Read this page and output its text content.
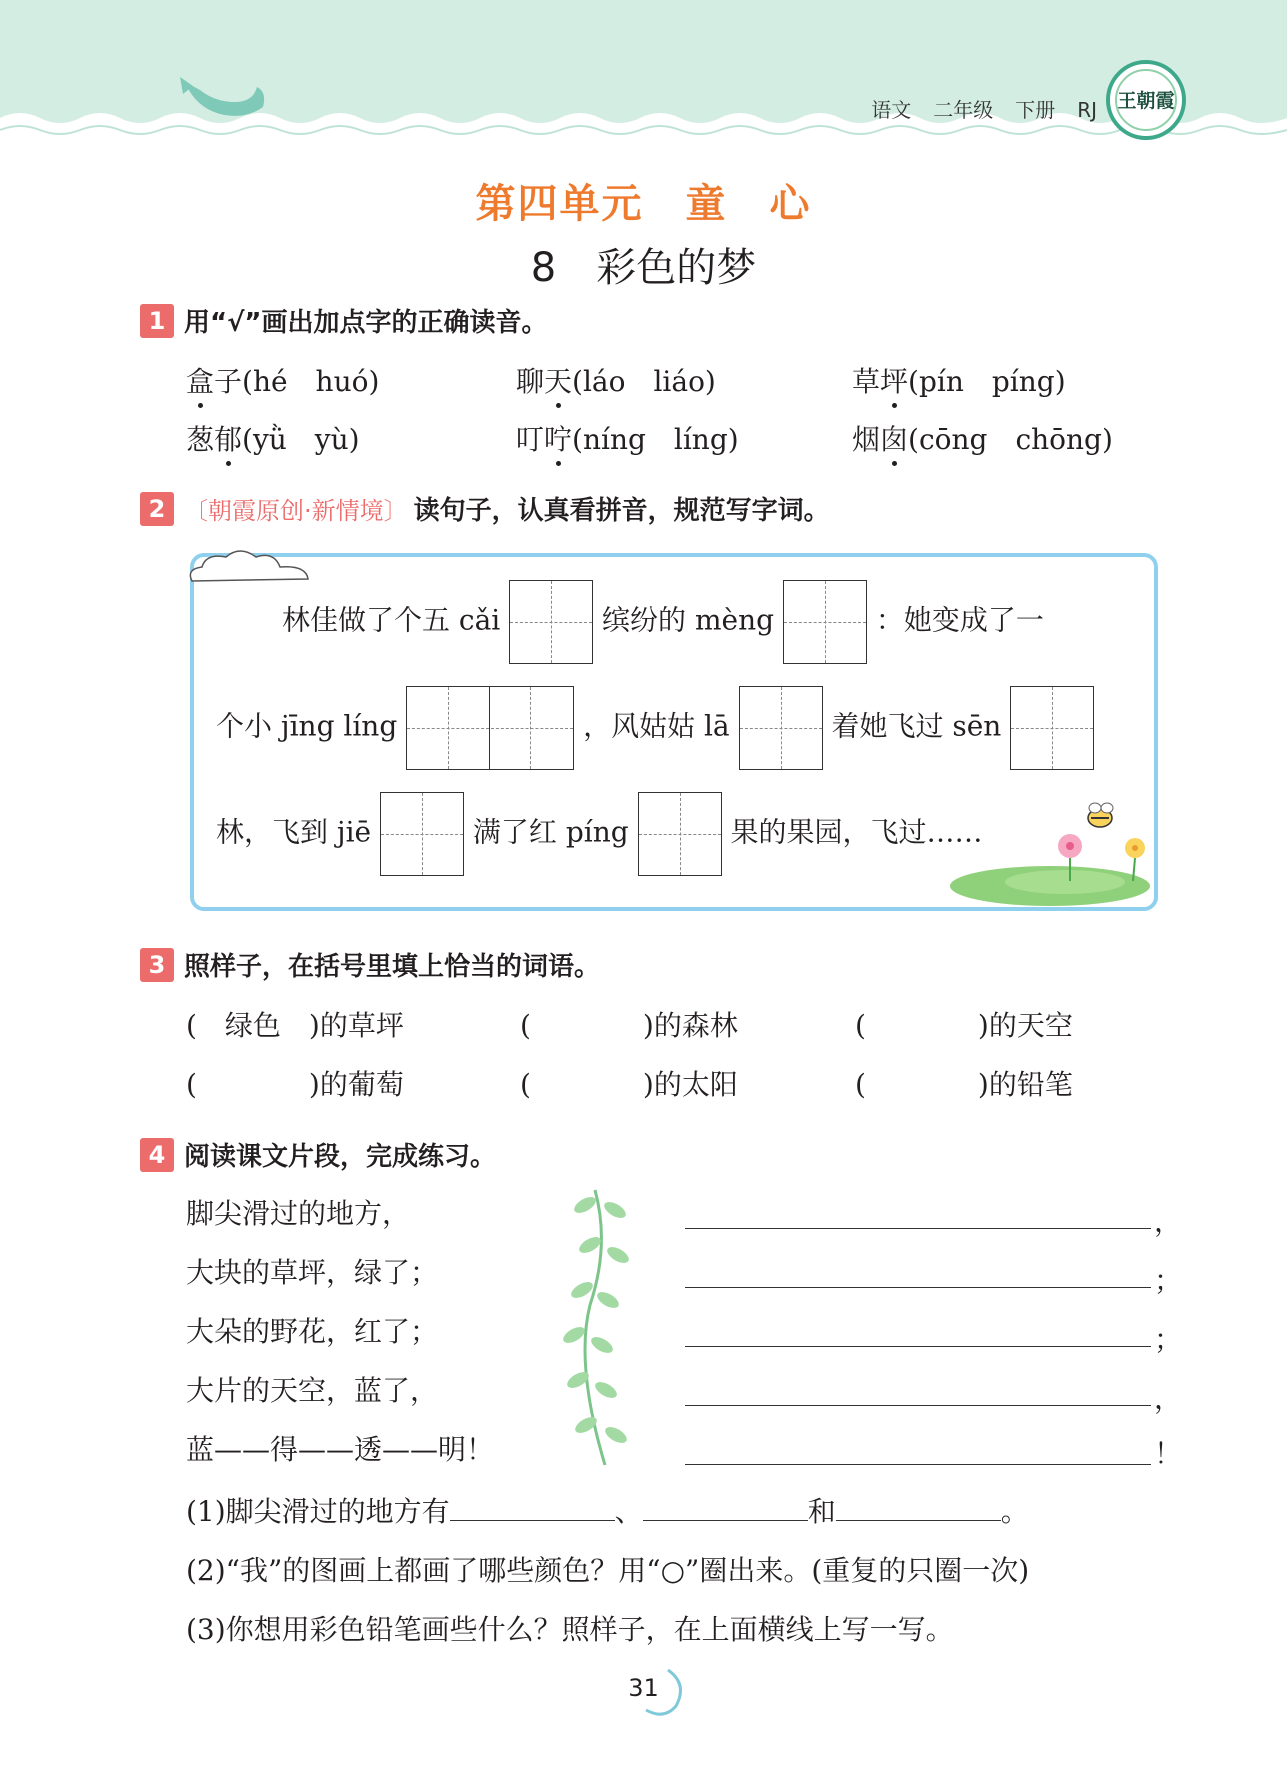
语文 二年级 下册 RJ	王朝霞
第四单元　童　心
8　彩色的梦
1 用“√”画出加点字的正确读音。
盒子(hé　huó)	聊天(láo　liáo)	草坪(pín　píng)
葱郁(yǜ　yù)	叮咛(níng　líng)	烟囱(cōng　chōng)
2 〔朝霞原创·新情境〕 读句子，认真看拼音，规范写字词。
林佳做了个五 cǎi	缤纷的 mèng	：她变成了一
个小 jīng líng	，风姑姑 lā	着她飞过 sēn
林，飞到 jiē	满了红 píng	果的果园，飞过……
3 照样子，在括号里填上恰当的词语。
(　绿色　)的草坪	(　　　　)的森林	(　　　　)的天空
(　　　　)的葡萄	(　　　　)的太阳	(　　　　)的铅笔
4 阅读课文片段，完成练习。
脚尖滑过的地方，
大块的草坪，绿了；
大朵的野花，红了；
大片的天空，蓝了，
蓝——得——透——明！
，
；
；
，
！
(1)脚尖滑过的地方有	、	和	。
(2)“我”的图画上都画了哪些颜色？用“○”圈出来。(重复的只圈一次)
(3)你想用彩色铅笔画些什么？照样子，在上面横线上写一写。
31
